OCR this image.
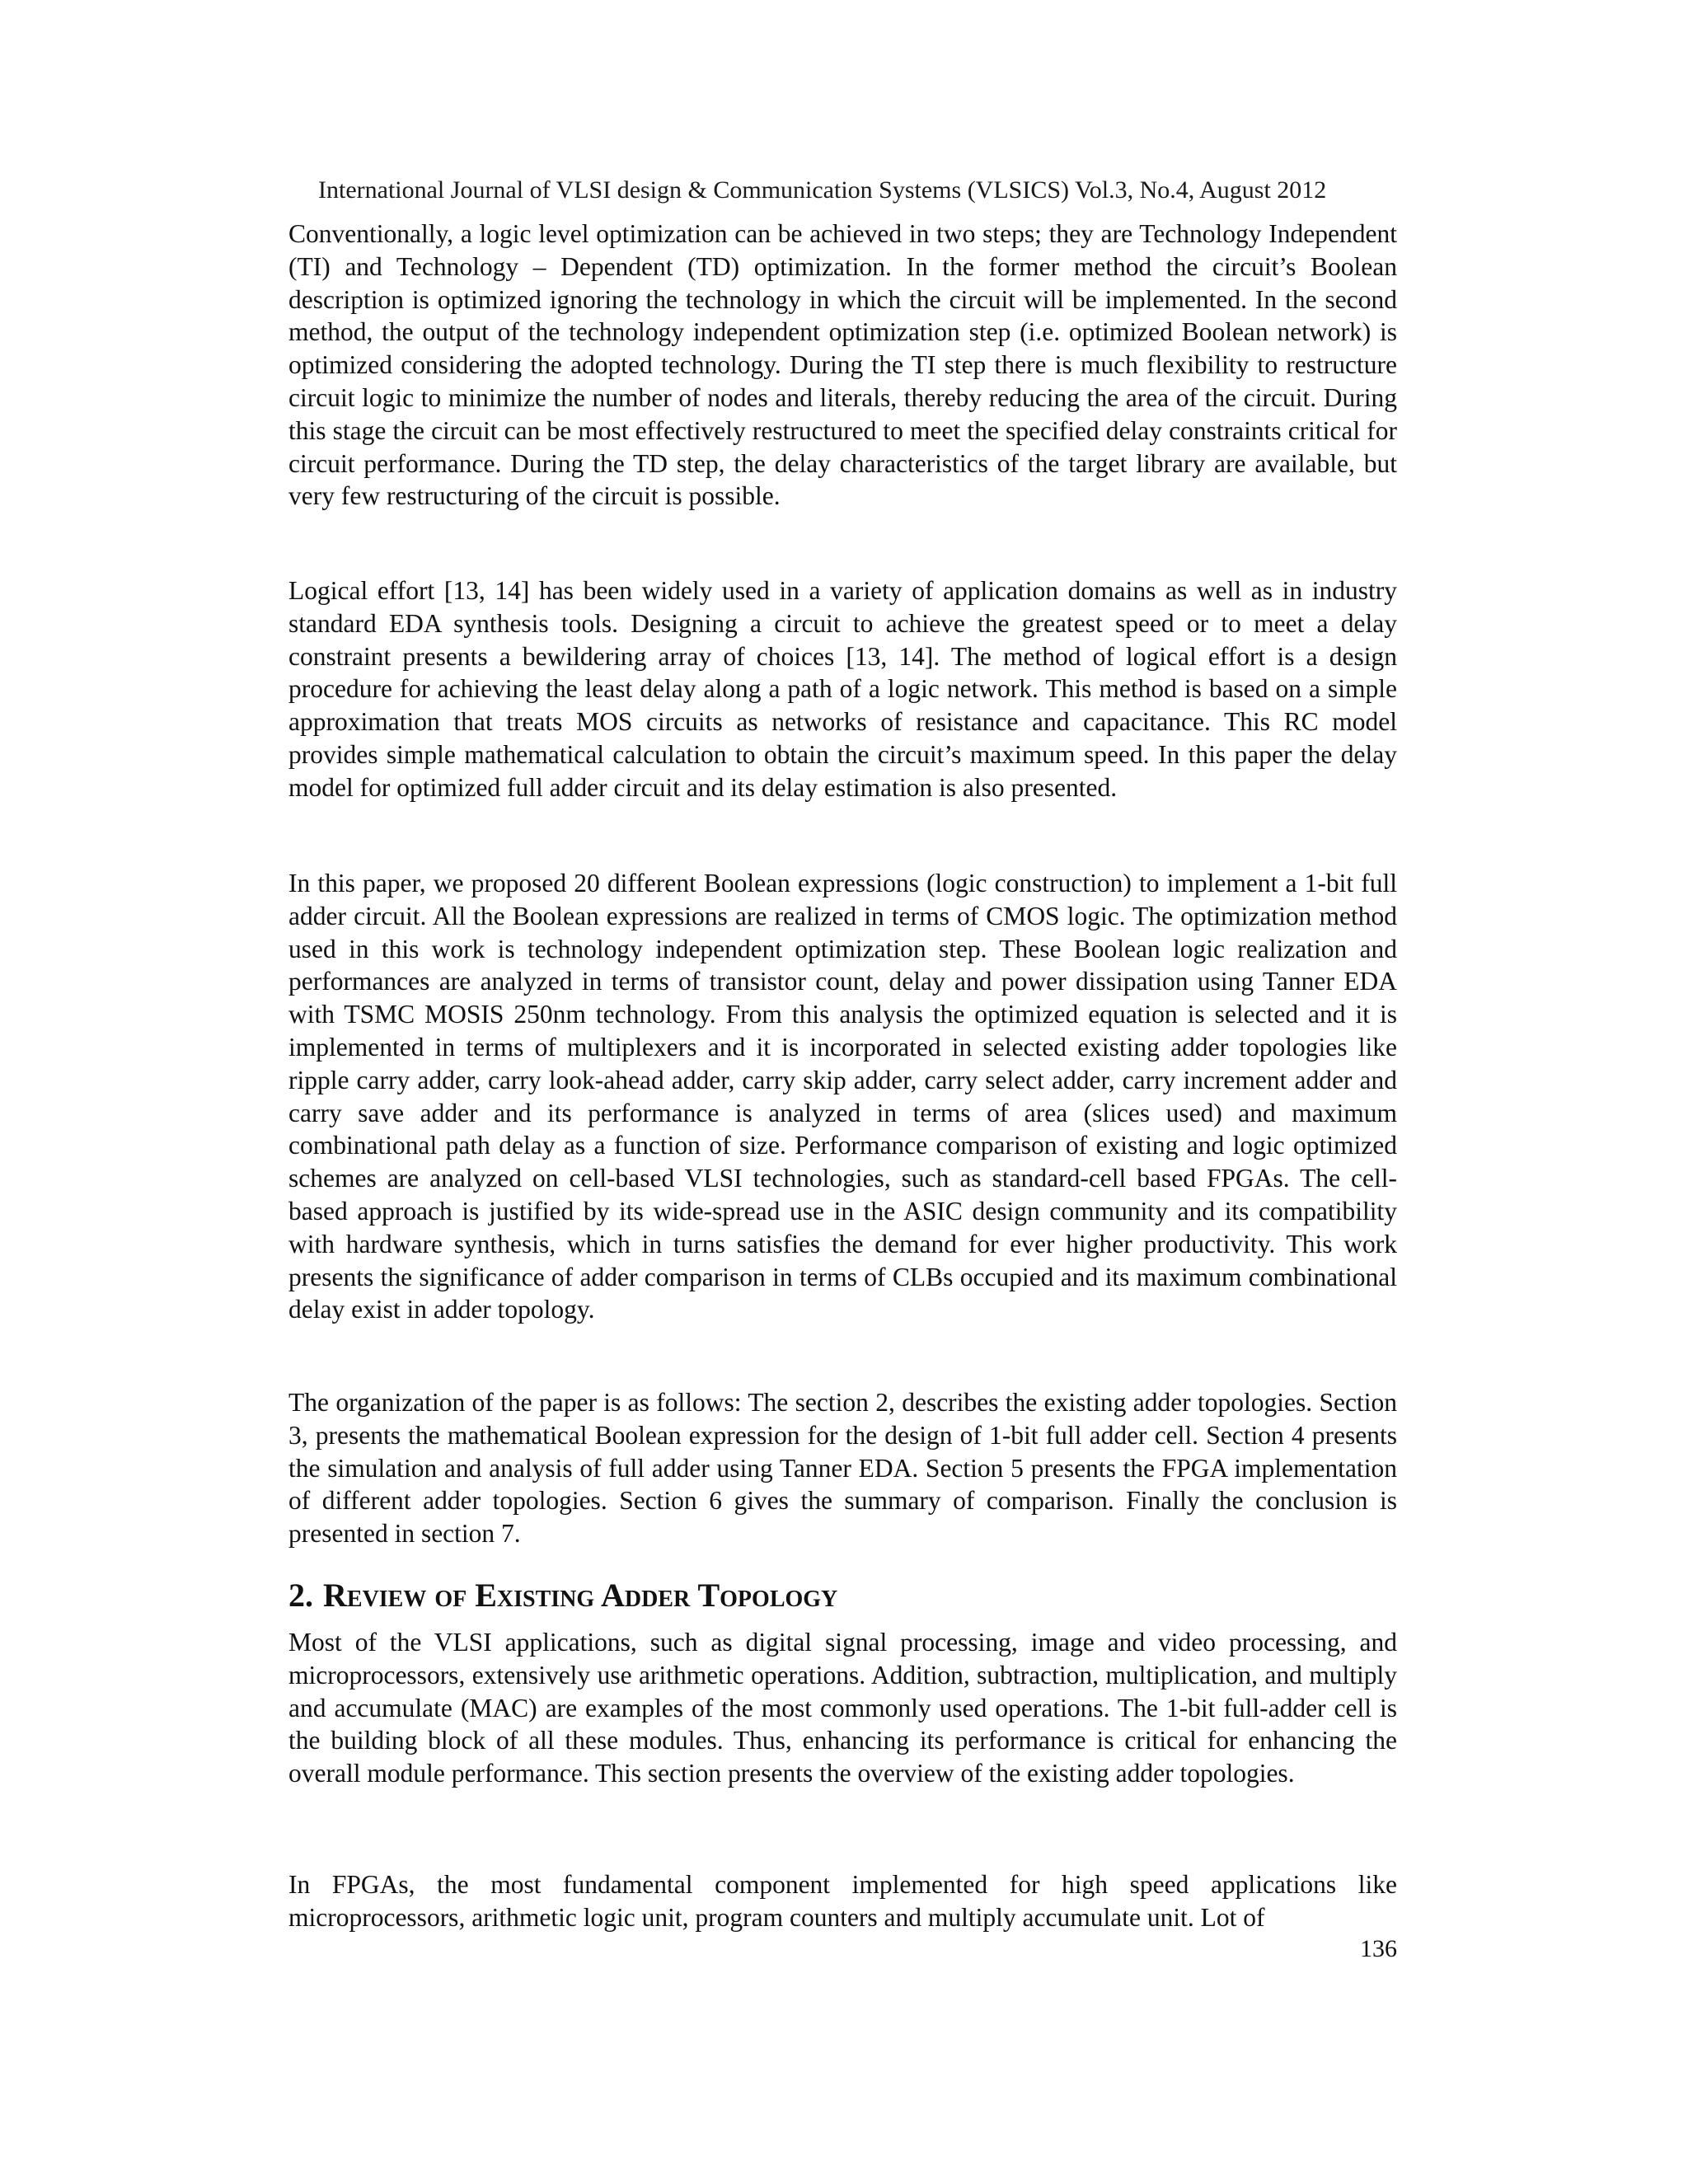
International Journal of VLSI design & Communication Systems (VLSICS) Vol.3, No.4, August 2012

Conventionally, a logic level optimization can be achieved in two steps; they are Technology Independent (TI) and Technology – Dependent (TD) optimization. In the former method the circuit’s Boolean description is optimized ignoring the technology in which the circuit will be implemented. In the second method, the output of the technology independent optimization step (i.e. optimized Boolean network) is optimized considering the adopted technology. During the TI step there is much flexibility to restructure circuit logic to minimize the number of nodes and literals, thereby reducing the area of the circuit. During this stage the circuit can be most effectively restructured to meet the specified delay constraints critical for circuit performance. During the TD step, the delay characteristics of the target library are available, but very few restructuring of the circuit is possible.

Logical effort [13, 14] has been widely used in a variety of application domains as well as in industry standard EDA synthesis tools. Designing a circuit to achieve the greatest speed or to meet a delay constraint presents a bewildering array of choices [13, 14]. The method of logical effort is a design procedure for achieving the least delay along a path of a logic network. This method is based on a simple approximation that treats MOS circuits as networks of resistance and capacitance. This RC model provides simple mathematical calculation to obtain the circuit’s maximum speed. In this paper the delay model for optimized full adder circuit and its delay estimation is also presented.

In this paper, we proposed 20 different Boolean expressions (logic construction) to implement a 1-bit full adder circuit. All the Boolean expressions are realized in terms of CMOS logic. The optimization method used in this work is technology independent optimization step. These Boolean logic realization and performances are analyzed in terms of transistor count, delay and power dissipation using Tanner EDA with TSMC MOSIS 250nm technology. From this analysis the optimized equation is selected and it is implemented in terms of multiplexers and it is incorporated in selected existing adder topologies like ripple carry adder, carry look-ahead adder, carry skip adder, carry select adder, carry increment adder and carry save adder and its performance is analyzed in terms of area (slices used) and maximum combinational path delay as a function of size. Performance comparison of existing and logic optimized schemes are analyzed on cell-based VLSI technologies, such as standard-cell based FPGAs. The cell-based approach is justified by its wide-spread use in the ASIC design community and its compatibility with hardware synthesis, which in turns satisfies the demand for ever higher productivity. This work presents the significance of adder comparison in terms of CLBs occupied and its maximum combinational delay exist in adder topology.

The organization of the paper is as follows: The section 2, describes the existing adder topologies. Section 3, presents the mathematical Boolean expression for the design of 1-bit full adder cell. Section 4 presents the simulation and analysis of full adder using Tanner EDA. Section 5 presents the FPGA implementation of different adder topologies. Section 6 gives the summary of comparison. Finally the conclusion is presented in section 7.

2. Review of Existing Adder Topology

Most of the VLSI applications, such as digital signal processing, image and video processing, and microprocessors, extensively use arithmetic operations. Addition, subtraction, multiplication, and multiply and accumulate (MAC) are examples of the most commonly used operations. The 1-bit full-adder cell is the building block of all these modules. Thus, enhancing its performance is critical for enhancing the overall module performance. This section presents the overview of the existing adder topologies.

In FPGAs, the most fundamental component implemented for high speed applications like microprocessors, arithmetic logic unit, program counters and multiply accumulate unit. Lot of

136
